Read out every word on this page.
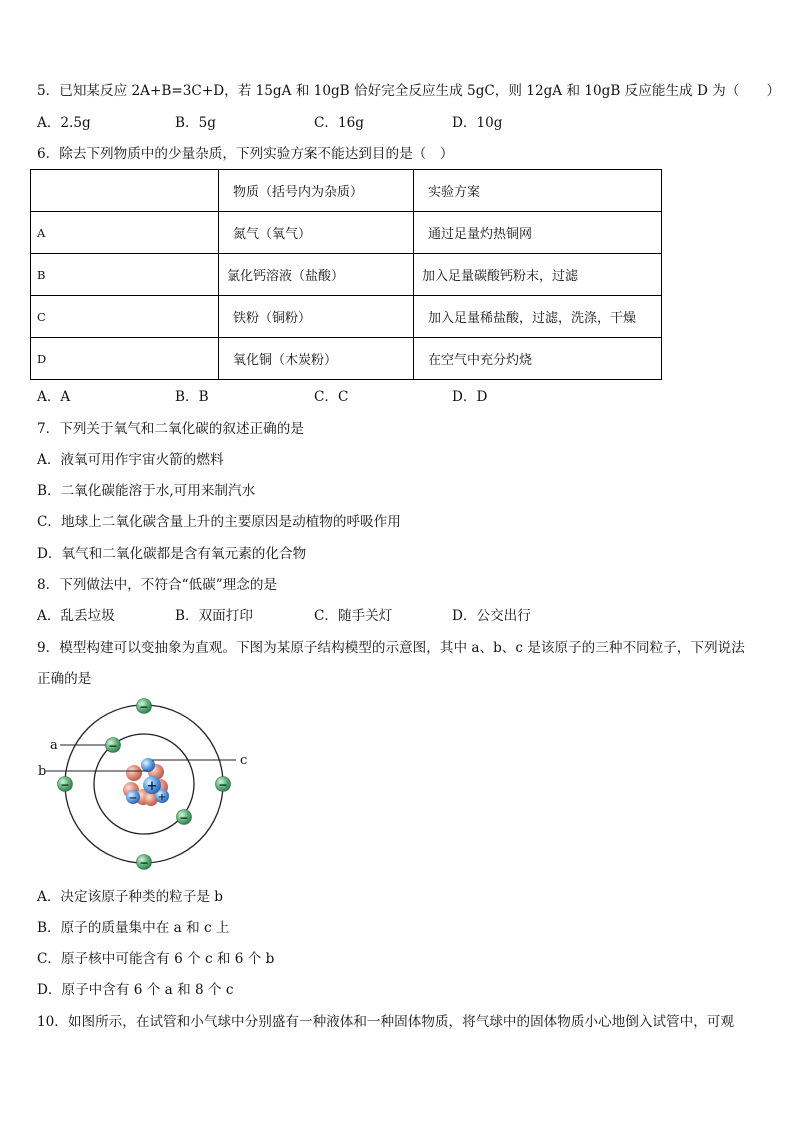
5．已知某反应 2A+B=3C+D，若 15gA 和 10gB 恰好完全反应生成 5gC，则 12gA 和 10gB 反应能生成 D 为（　　）
A．2.5g	B．5g	C．16g	D．10g
6．除去下列物质中的少量杂质，下列实验方案不能达到目的是（　）
	物质（括号内为杂质）	实验方案
A	氮气（氧气）	通过足量灼热铜网
B	氯化钙溶液（盐酸）	加入足量碳酸钙粉末，过滤
C	铁粉（铜粉）	加入足量稀盐酸，过滤，洗涤，干燥
D	氧化铜（木炭粉）	在空气中充分灼烧
A．A	B．B	C．C	D．D
7．下列关于氧气和二氧化碳的叙述正确的是
A．液氧可用作宇宙火箭的燃料
B．二氧化碳能溶于水,可用来制汽水
C．地球上二氧化碳含量上升的主要原因是动植物的呼吸作用
D．氧气和二氧化碳都是含有氧元素的化合物
8．下列做法中，不符合“低碳”理念的是
A．乱丢垃圾	B．双面打印	C．随手关灯	D．公交出行
9．模型构建可以变抽象为直观。下图为某原子结构模型的示意图，其中 a、b、c 是该原子的三种不同粒子，下列说法
正确的是
+
+
−
a
b
c
−
−
−	−
−
−
A．决定该原子种类的粒子是 b
B．原子的质量集中在 a 和 c 上
C．原子核中可能含有 6 个 c 和 6 个 b
D．原子中含有 6 个 a 和 8 个 c
10．如图所示，在试管和小气球中分别盛有一种液体和一种固体物质，将气球中的固体物质小心地倒入试管中，可观
